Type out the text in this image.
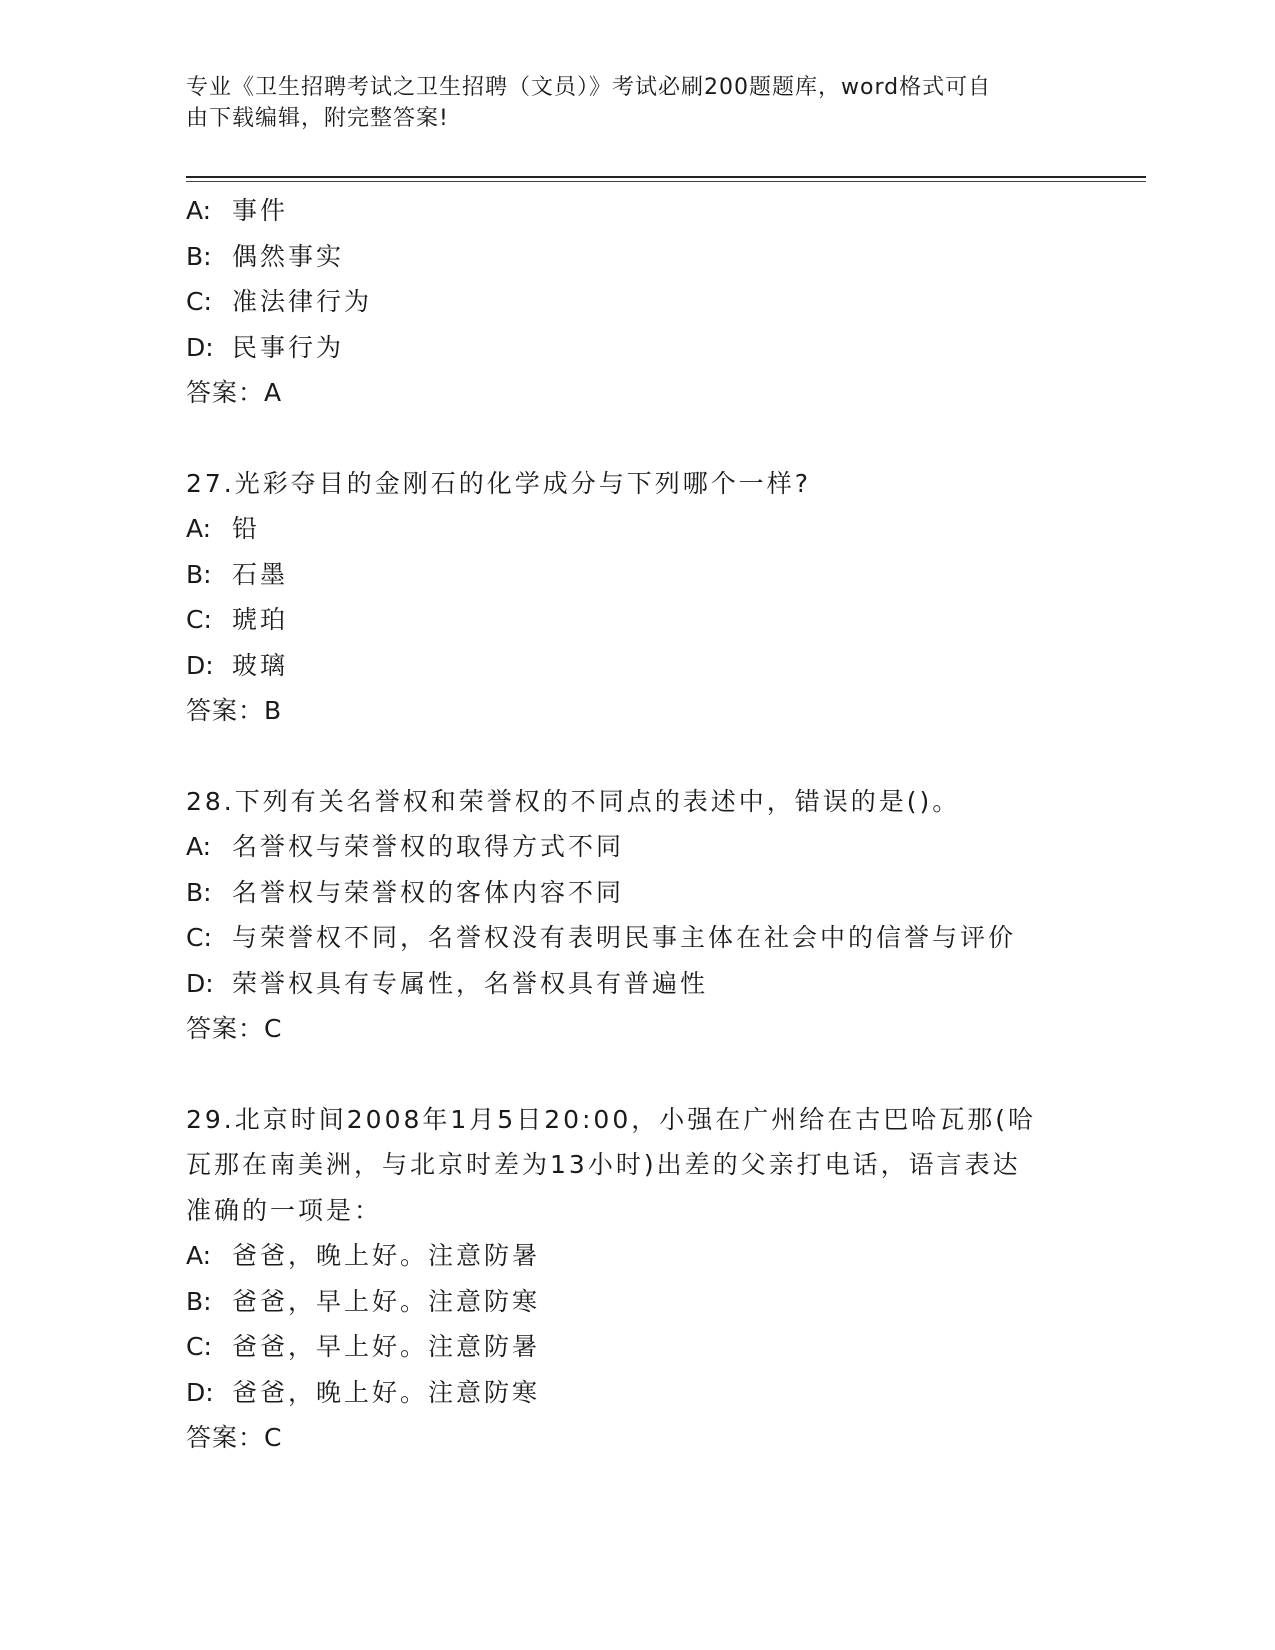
专业《卫生招聘考试之卫生招聘（文员）》考试必刷200题题库，word格式可自
由下载编辑，附完整答案!
A: 事件
B: 偶然事实
C: 准法律行为
D: 民事行为
答案：A
27.光彩夺目的金刚石的化学成分与下列哪个一样?
A: 铅
B: 石墨
C: 琥珀
D: 玻璃
答案：B
28.下列有关名誉权和荣誉权的不同点的表述中，错误的是()。
A: 名誉权与荣誉权的取得方式不同
B: 名誉权与荣誉权的客体内容不同
C: 与荣誉权不同，名誉权没有表明民事主体在社会中的信誉与评价
D: 荣誉权具有专属性，名誉权具有普遍性
答案：C
29.北京时间2008年1月5日20:00，小强在广州给在古巴哈瓦那(哈
瓦那在南美洲，与北京时差为13小时)出差的父亲打电话，语言表达
准确的一项是：
A: 爸爸，晚上好。注意防暑
B: 爸爸，早上好。注意防寒
C: 爸爸，早上好。注意防暑
D: 爸爸，晚上好。注意防寒
答案：C
